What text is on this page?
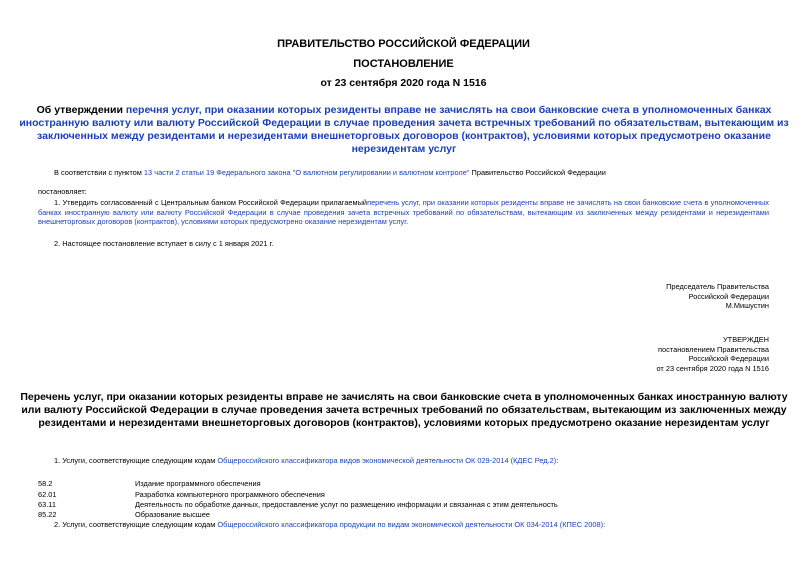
ПРАВИТЕЛЬСТВО РОССИЙСКОЙ ФЕДЕРАЦИИ
ПОСТАНОВЛЕНИЕ
от 23 сентября 2020 года N 1516
Об утверждении перечня услуг, при оказании которых резиденты вправе не зачислять на свои банковские счета в уполномоченных банках иностранную валюту или валюту Российской Федерации в случае проведения зачета встречных требований по обязательствам, вытекающим из заключенных между резидентами и нерезидентами внешнеторговых договоров (контрактов), условиями которых предусмотрено оказание нерезидентам услуг
В соответствии с пунктом 13 части 2 статьи 19 Федерального закона "О валютном регулировании и валютном контроле" Правительство Российской Федерации
постановляет:
1. Утвердить согласованный с Центральным банком Российской Федерации прилагаемыйперечень услуг, при оказании которых резиденты вправе не зачислять на свои банковские счета в уполномоченных банках иностранную валюту или валюту Российской Федерации в случае проведения зачета встречных требований по обязательствам, вытекающим из заключенных между резидентами и нерезидентами внешнеторговых договоров (контрактов), условиями которых предусмотрено оказание нерезидентам услуг.
2. Настоящее постановление вступает в силу с 1 января 2021 г.
Председатель Правительства
Российской Федерации
М.Мишустин
УТВЕРЖДЕН
постановлением Правительства
Российской Федерации
от 23 сентября 2020 года N 1516
Перечень услуг, при оказании которых резиденты вправе не зачислять на свои банковские счета в уполномоченных банках иностранную валюту или валюту Российской Федерации в случае проведения зачета встречных требований по обязательствам, вытекающим из заключенных между резидентами и нерезидентами внешнеторговых договоров (контрактов), условиями которых предусмотрено оказание нерезидентам услуг
1. Услуги, соответствующие следующим кодам Общероссийского классификатора видов экономической деятельности ОК 029-2014 (КДЕС Ред.2):
58.2	Издание программного обеспечения
62.01	Разработка компьютерного программного обеспечения
63.11	Деятельность по обработке данных, предоставление услуг по размещению информации и связанная с этим деятельность
85.22	Образование высшее
2. Услуги, соответствующие следующим кодам Общероссийского классификатора продукции по видам экономической деятельности ОК 034-2014 (КПЕС 2008):
